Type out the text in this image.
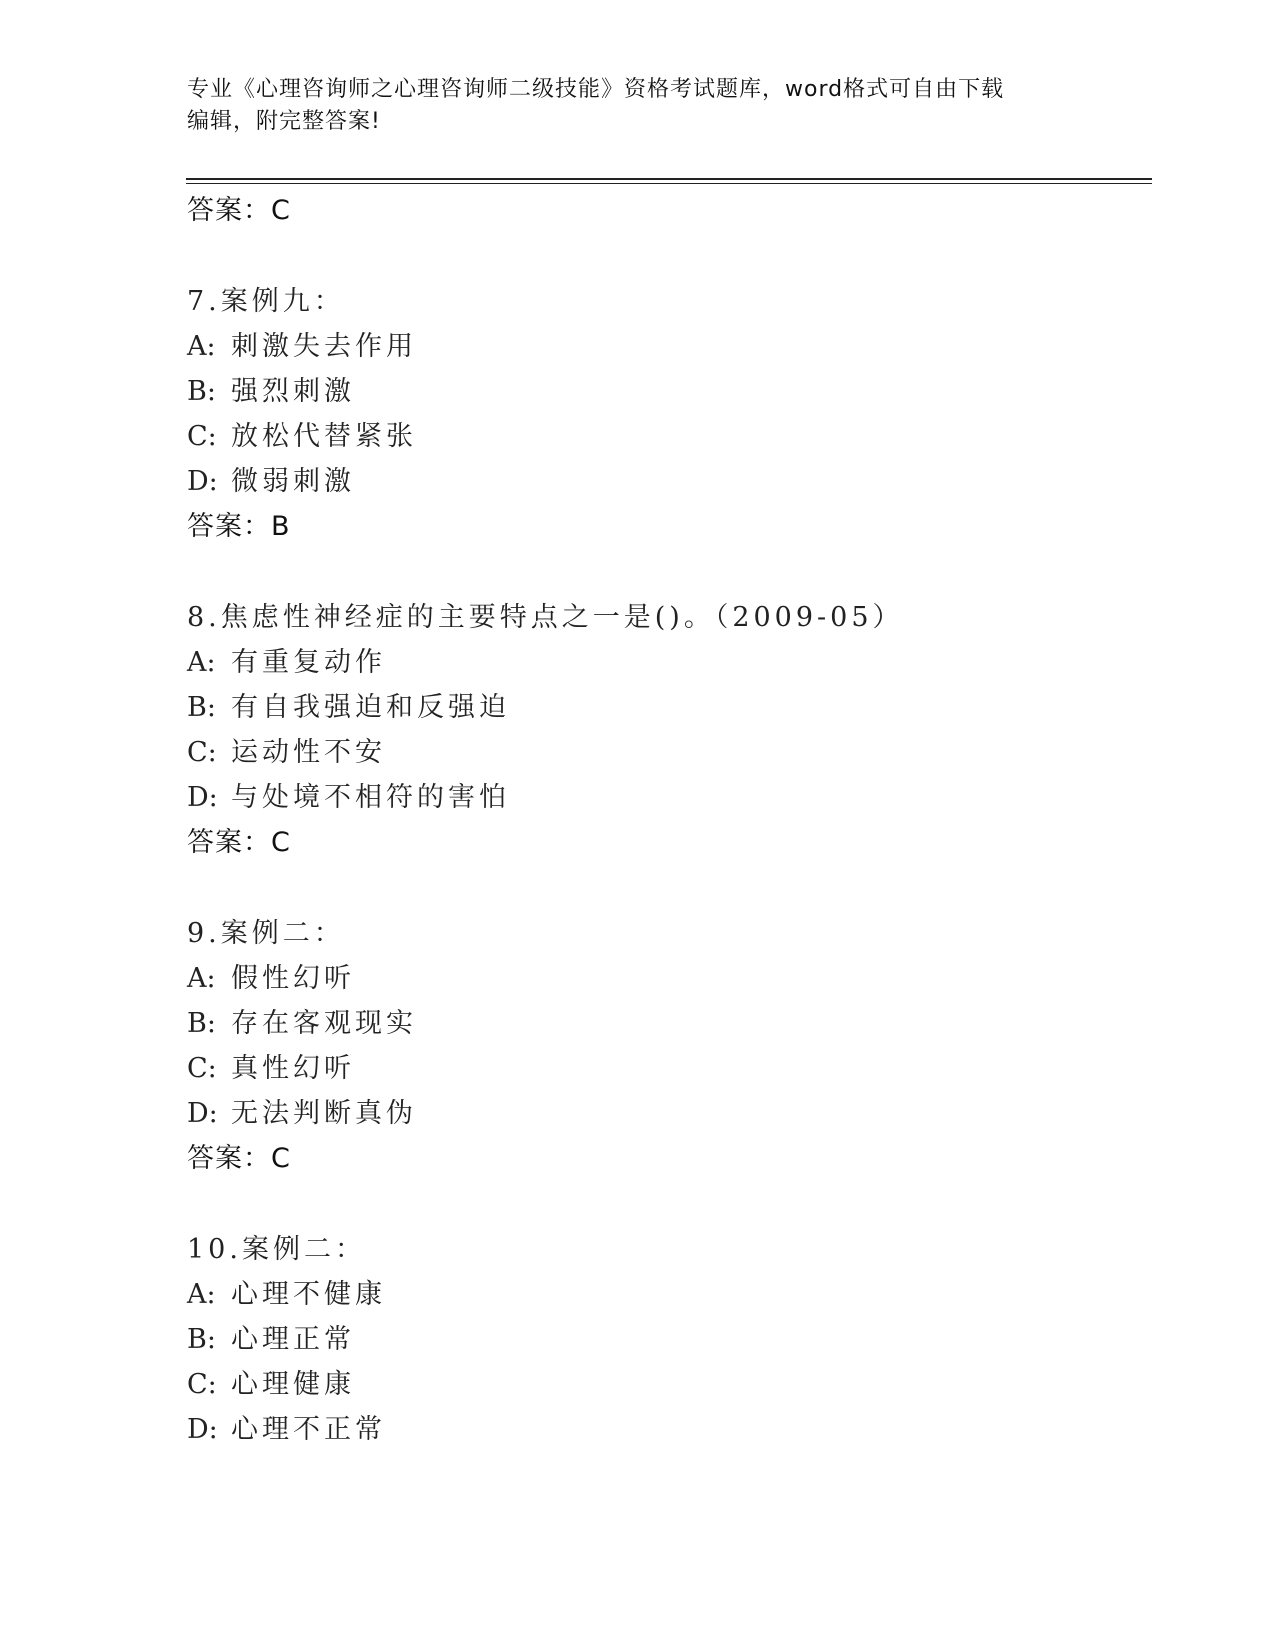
专业《心理咨询师之心理咨询师二级技能》资格考试题库，word格式可自由下载
编辑，附完整答案!
答案：C
7.案例九：
A: 刺激失去作用
B: 强烈刺激
C: 放松代替紧张
D: 微弱刺激
答案：B
8.焦虑性神经症的主要特点之一是()。（2009-05）
A: 有重复动作
B: 有自我强迫和反强迫
C: 运动性不安
D: 与处境不相符的害怕
答案：C
9.案例二：
A: 假性幻听
B: 存在客观现实
C: 真性幻听
D: 无法判断真伪
答案：C
10.案例二：
A: 心理不健康
B: 心理正常
C: 心理健康
D: 心理不正常
